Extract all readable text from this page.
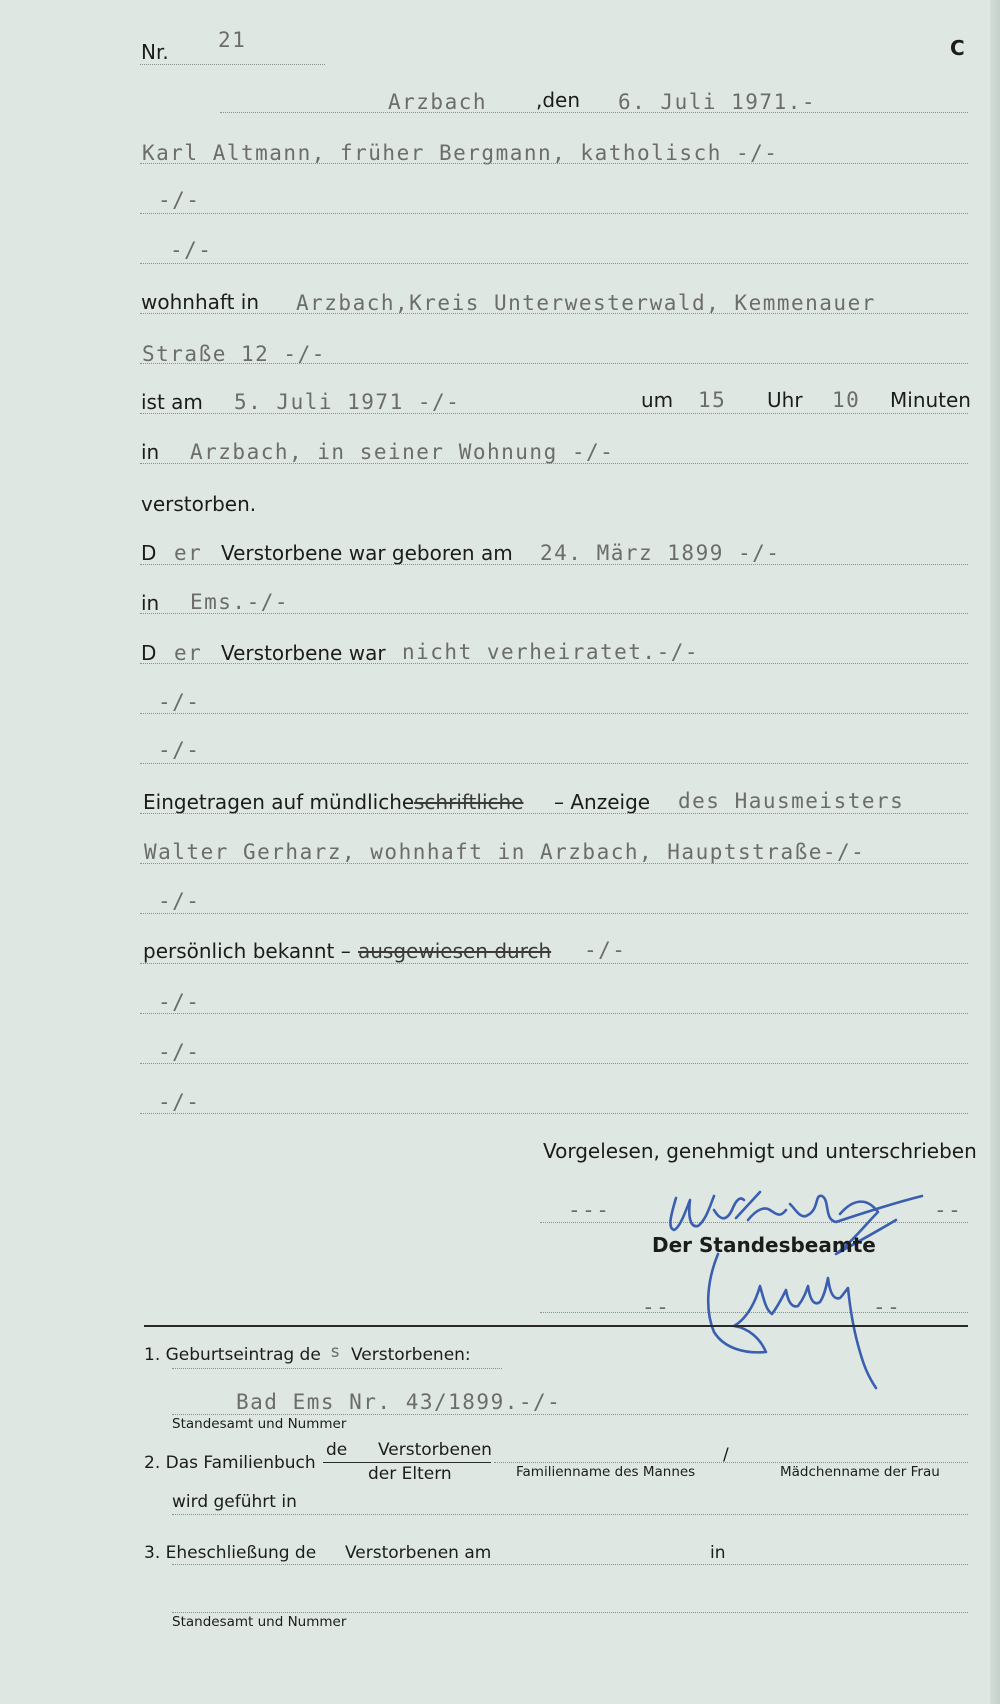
Nr. 21	C
Arzbach ,den 6. Juli 1971.-
Karl Altmann, früher Bergmann, katholisch -/-
-/-
-/-
wohnhaft in Arzbach,Kreis Unterwesterwald, Kemmenauer
Straße 12 -/-
ist am 5. Juli 1971 -/-	um 15 Uhr 10 Minuten
in Arzbach, in seiner Wohnung -/-
verstorben.
D er Verstorbene war geboren am 24. März 1899 -/-
in Ems.-/-
D er Verstorbene war nicht verheiratet.-/-
-/-
-/-
Eingetragen auf mündliche –
schriftliche – Anzeige des Hausmeisters
Walter Gerharz, wohnhaft in Arzbach, Hauptstraße-/-
-/-
persönlich bekannt – ausgewiesen durch -/-
-/-
-/-
-/-
Vorgelesen, genehmigt und unterschrieben
---	--
Der Standesbeamte
--	--
1. Geburtseintrag de s Verstorbenen:
Bad Ems Nr. 43/1899.-/-
Standesamt und Nummer
2. Das Familienbuch
de Verstorbenen
der Eltern	Familienname des Mannes
/
Mädchenname der Frau
wird geführt in
3. Eheschließung de Verstorbenen am	in
Standesamt und Nummer
